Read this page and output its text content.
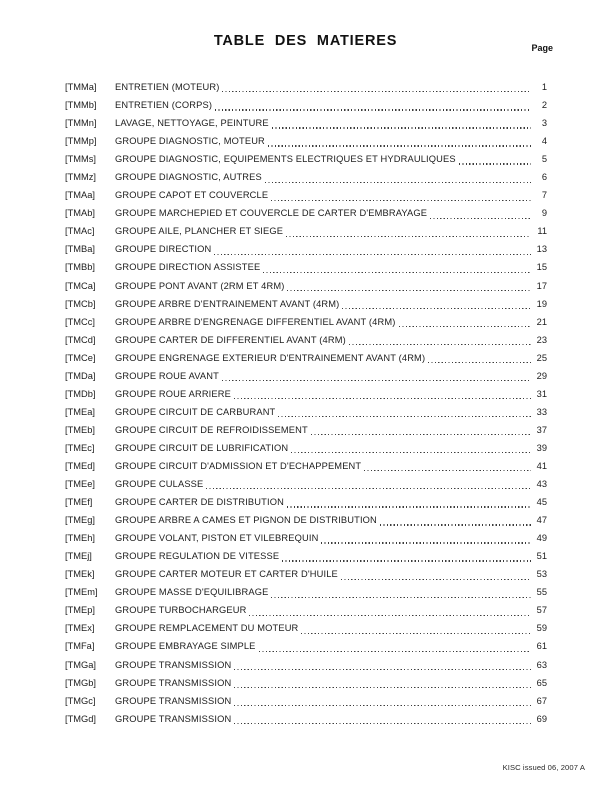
TABLE DES MATIERES	Page
[TMMa]	ENTRETIEN (MOTEUR)	1
[TMMb]	ENTRETIEN (CORPS)	2
[TMMn]	LAVAGE, NETTOYAGE, PEINTURE	3
[TMMp]	GROUPE DIAGNOSTIC, MOTEUR	4
[TMMs]	GROUPE DIAGNOSTIC, EQUIPEMENTS ELECTRIQUES ET HYDRAULIQUES	5
[TMMz]	GROUPE DIAGNOSTIC, AUTRES	6
[TMAa]	GROUPE CAPOT ET COUVERCLE	7
[TMAb]	GROUPE MARCHEPIED ET COUVERCLE DE CARTER D'EMBRAYAGE	9
[TMAc]	GROUPE AILE, PLANCHER ET SIEGE	11
[TMBa]	GROUPE DIRECTION	13
[TMBb]	GROUPE DIRECTION ASSISTEE	15
[TMCa]	GROUPE PONT AVANT (2RM ET 4RM)	17
[TMCb]	GROUPE ARBRE D'ENTRAINEMENT AVANT (4RM)	19
[TMCc]	GROUPE ARBRE D'ENGRENAGE DIFFERENTIEL AVANT (4RM)	21
[TMCd]	GROUPE CARTER DE DIFFERENTIEL AVANT (4RM)	23
[TMCe]	GROUPE ENGRENAGE EXTERIEUR D'ENTRAINEMENT AVANT (4RM)	25
[TMDa]	GROUPE ROUE AVANT	29
[TMDb]	GROUPE ROUE ARRIERE	31
[TMEa]	GROUPE CIRCUIT DE CARBURANT	33
[TMEb]	GROUPE CIRCUIT DE REFROIDISSEMENT	37
[TMEc]	GROUPE CIRCUIT DE LUBRIFICATION	39
[TMEd]	GROUPE CIRCUIT D'ADMISSION ET D'ECHAPPEMENT	41
[TMEe]	GROUPE CULASSE	43
[TMEf]	GROUPE CARTER DE DISTRIBUTION	45
[TMEg]	GROUPE ARBRE A CAMES ET PIGNON DE DISTRIBUTION	47
[TMEh]	GROUPE VOLANT, PISTON ET VILEBREQUIN	49
[TMEj]	GROUPE REGULATION DE VITESSE	51
[TMEk]	GROUPE CARTER MOTEUR ET CARTER D'HUILE	53
[TMEm]	GROUPE MASSE D'EQUILIBRAGE	55
[TMEp]	GROUPE TURBOCHARGEUR	57
[TMEx]	GROUPE REMPLACEMENT DU MOTEUR	59
[TMFa]	GROUPE EMBRAYAGE SIMPLE	61
[TMGa]	GROUPE TRANSMISSION	63
[TMGb]	GROUPE TRANSMISSION	65
[TMGc]	GROUPE TRANSMISSION	67
[TMGd]	GROUPE TRANSMISSION	69
KISC issued 06, 2007 A
